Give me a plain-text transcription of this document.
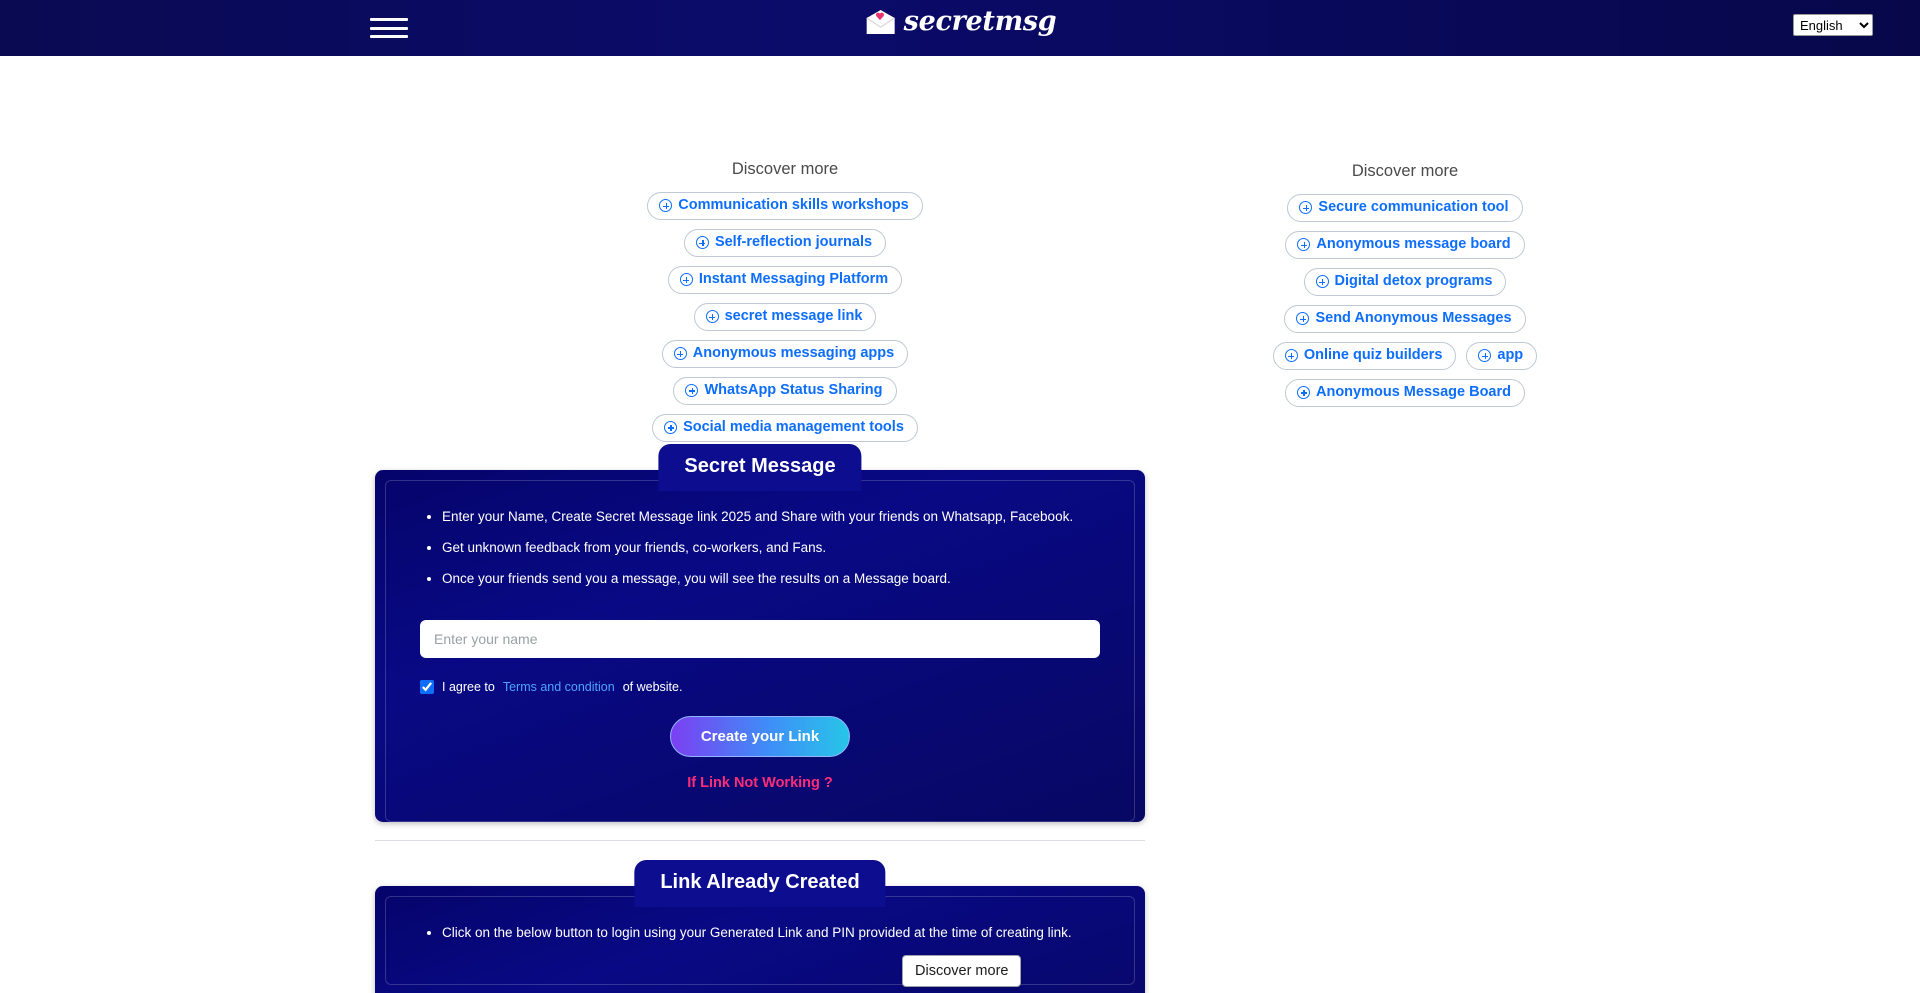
secretmsg
English
Discover more
Communication skills workshops
Self-reflection journals
Instant Messaging Platform
secret message link
Anonymous messaging apps
WhatsApp Status Sharing
Social media management tools
Discover more
Secure communication tool
Anonymous message board
Digital detox programs
Send Anonymous Messages
Online quiz builders	app
Anonymous Message Board
Secret Message
• Enter your Name, Create Secret Message link 2025 and Share with your friends on Whatsapp, Facebook.
• Get unknown feedback from your friends, co-workers, and Fans.
• Once your friends send you a message, you will see the results on a Message board.
Enter your name
I agree to Terms and condition of website.
Create your Link
If Link Not Working ?
Link Already Created
• Click on the below button to login using your Generated Link and PIN provided at the time of creating link.
Discover more
